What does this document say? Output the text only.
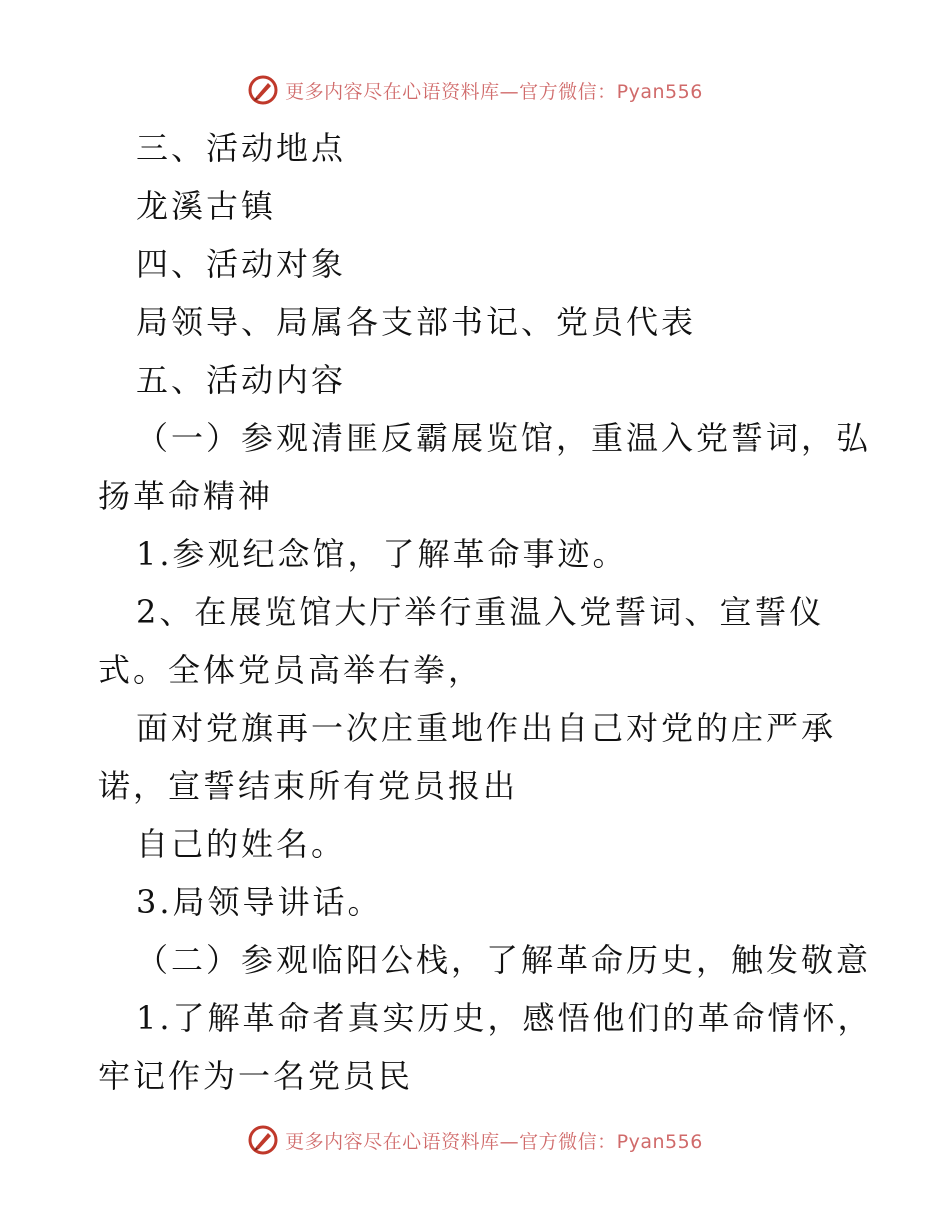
更多内容尽在心语资料库—官方微信：Pyan556
三、活动地点
龙溪古镇
四、活动对象
局领导、局属各支部书记、党员代表
五、活动内容
（一）参观清匪反霸展览馆，重温入党誓词，弘
扬革命精神
1.参观纪念馆，了解革命事迹。
2、在展览馆大厅举行重温入党誓词、宣誓仪
式。全体党员高举右拳，
面对党旗再一次庄重地作出自己对党的庄严承
诺，宣誓结束所有党员报出
自己的姓名。
3.局领导讲话。
（二）参观临阳公栈，了解革命历史，触发敬意
1.了解革命者真实历史，感悟他们的革命情怀，
牢记作为一名党员民
更多内容尽在心语资料库—官方微信：Pyan556
